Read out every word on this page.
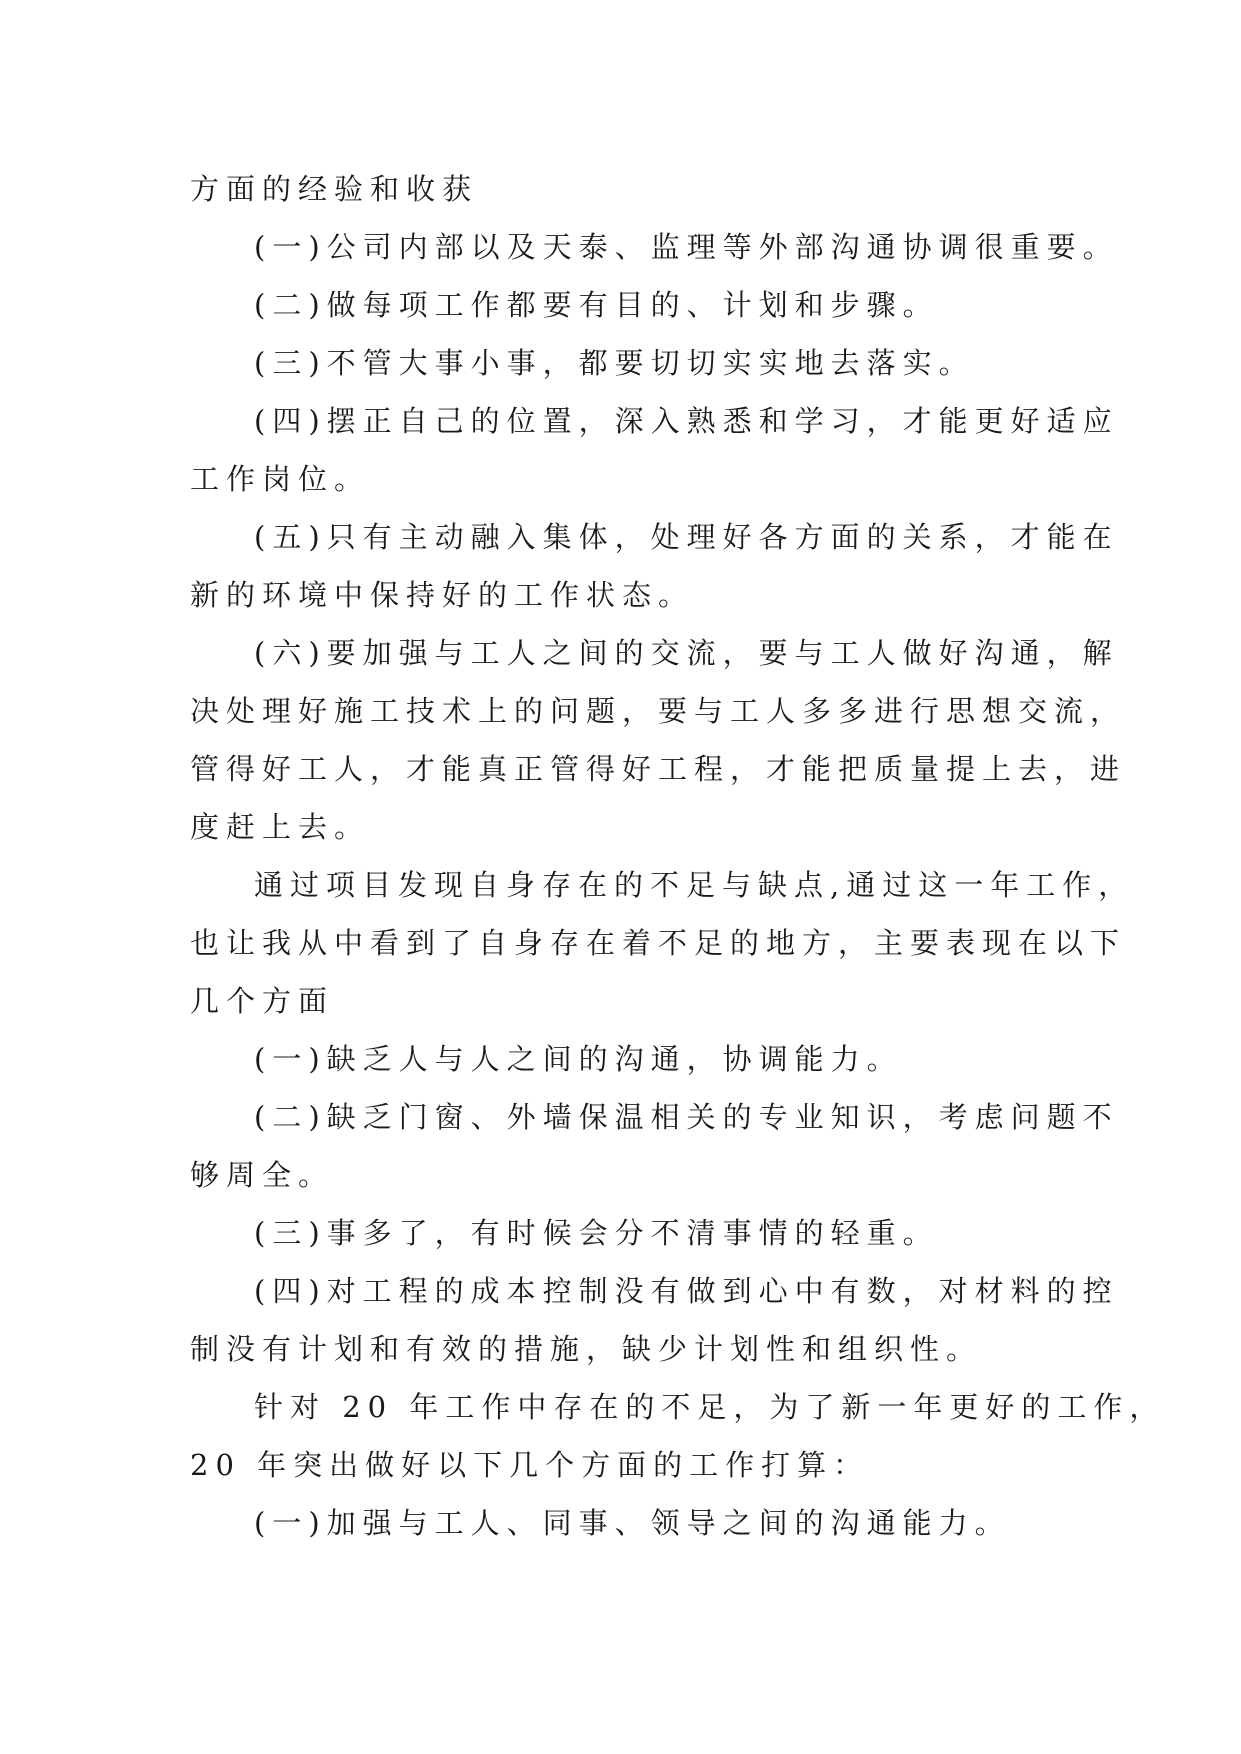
方面的经验和收获
(一)公司内部以及天泰、监理等外部沟通协调很重要。
(二)做每项工作都要有目的、计划和步骤。
(三)不管大事小事，都要切切实实地去落实。
(四)摆正自己的位置，深入熟悉和学习，才能更好适应
工作岗位。
(五)只有主动融入集体，处理好各方面的关系，才能在
新的环境中保持好的工作状态。
(六)要加强与工人之间的交流，要与工人做好沟通，解
决处理好施工技术上的问题，要与工人多多进行思想交流，
管得好工人，才能真正管得好工程，才能把质量提上去，进
度赶上去。
通过项目发现自身存在的不足与缺点,通过这一年工作，
也让我从中看到了自身存在着不足的地方，主要表现在以下
几个方面
(一)缺乏人与人之间的沟通，协调能力。
(二)缺乏门窗、外墙保温相关的专业知识，考虑问题不
够周全。
(三)事多了，有时候会分不清事情的轻重。
(四)对工程的成本控制没有做到心中有数，对材料的控
制没有计划和有效的措施，缺少计划性和组织性。
针对 20 年工作中存在的不足，为了新一年更好的工作，
20 年突出做好以下几个方面的工作打算：
(一)加强与工人、同事、领导之间的沟通能力。
